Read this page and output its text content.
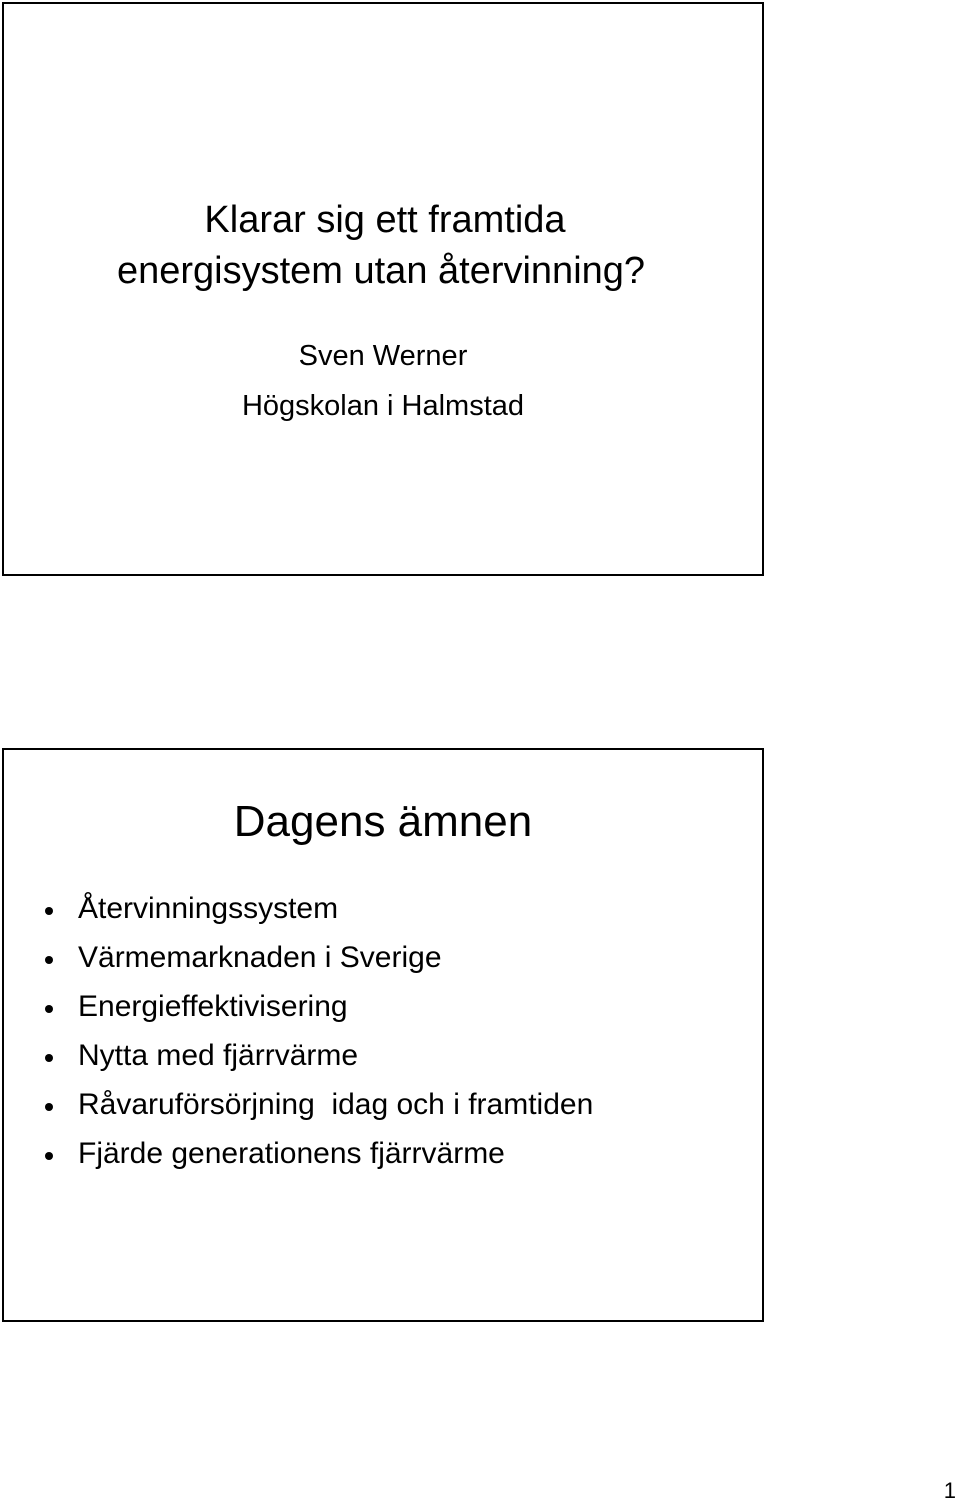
Klarar sig ett framtida
energisystem utan återvinning?
Sven Werner
Högskolan i Halmstad
Dagens ämnen
Återvinningssystem
Värmemarknaden i Sverige
Energieffektivisering
Nytta med fjärrvärme
Råvaruförsörjning  idag och i framtiden
Fjärde generationens fjärrvärme
1
